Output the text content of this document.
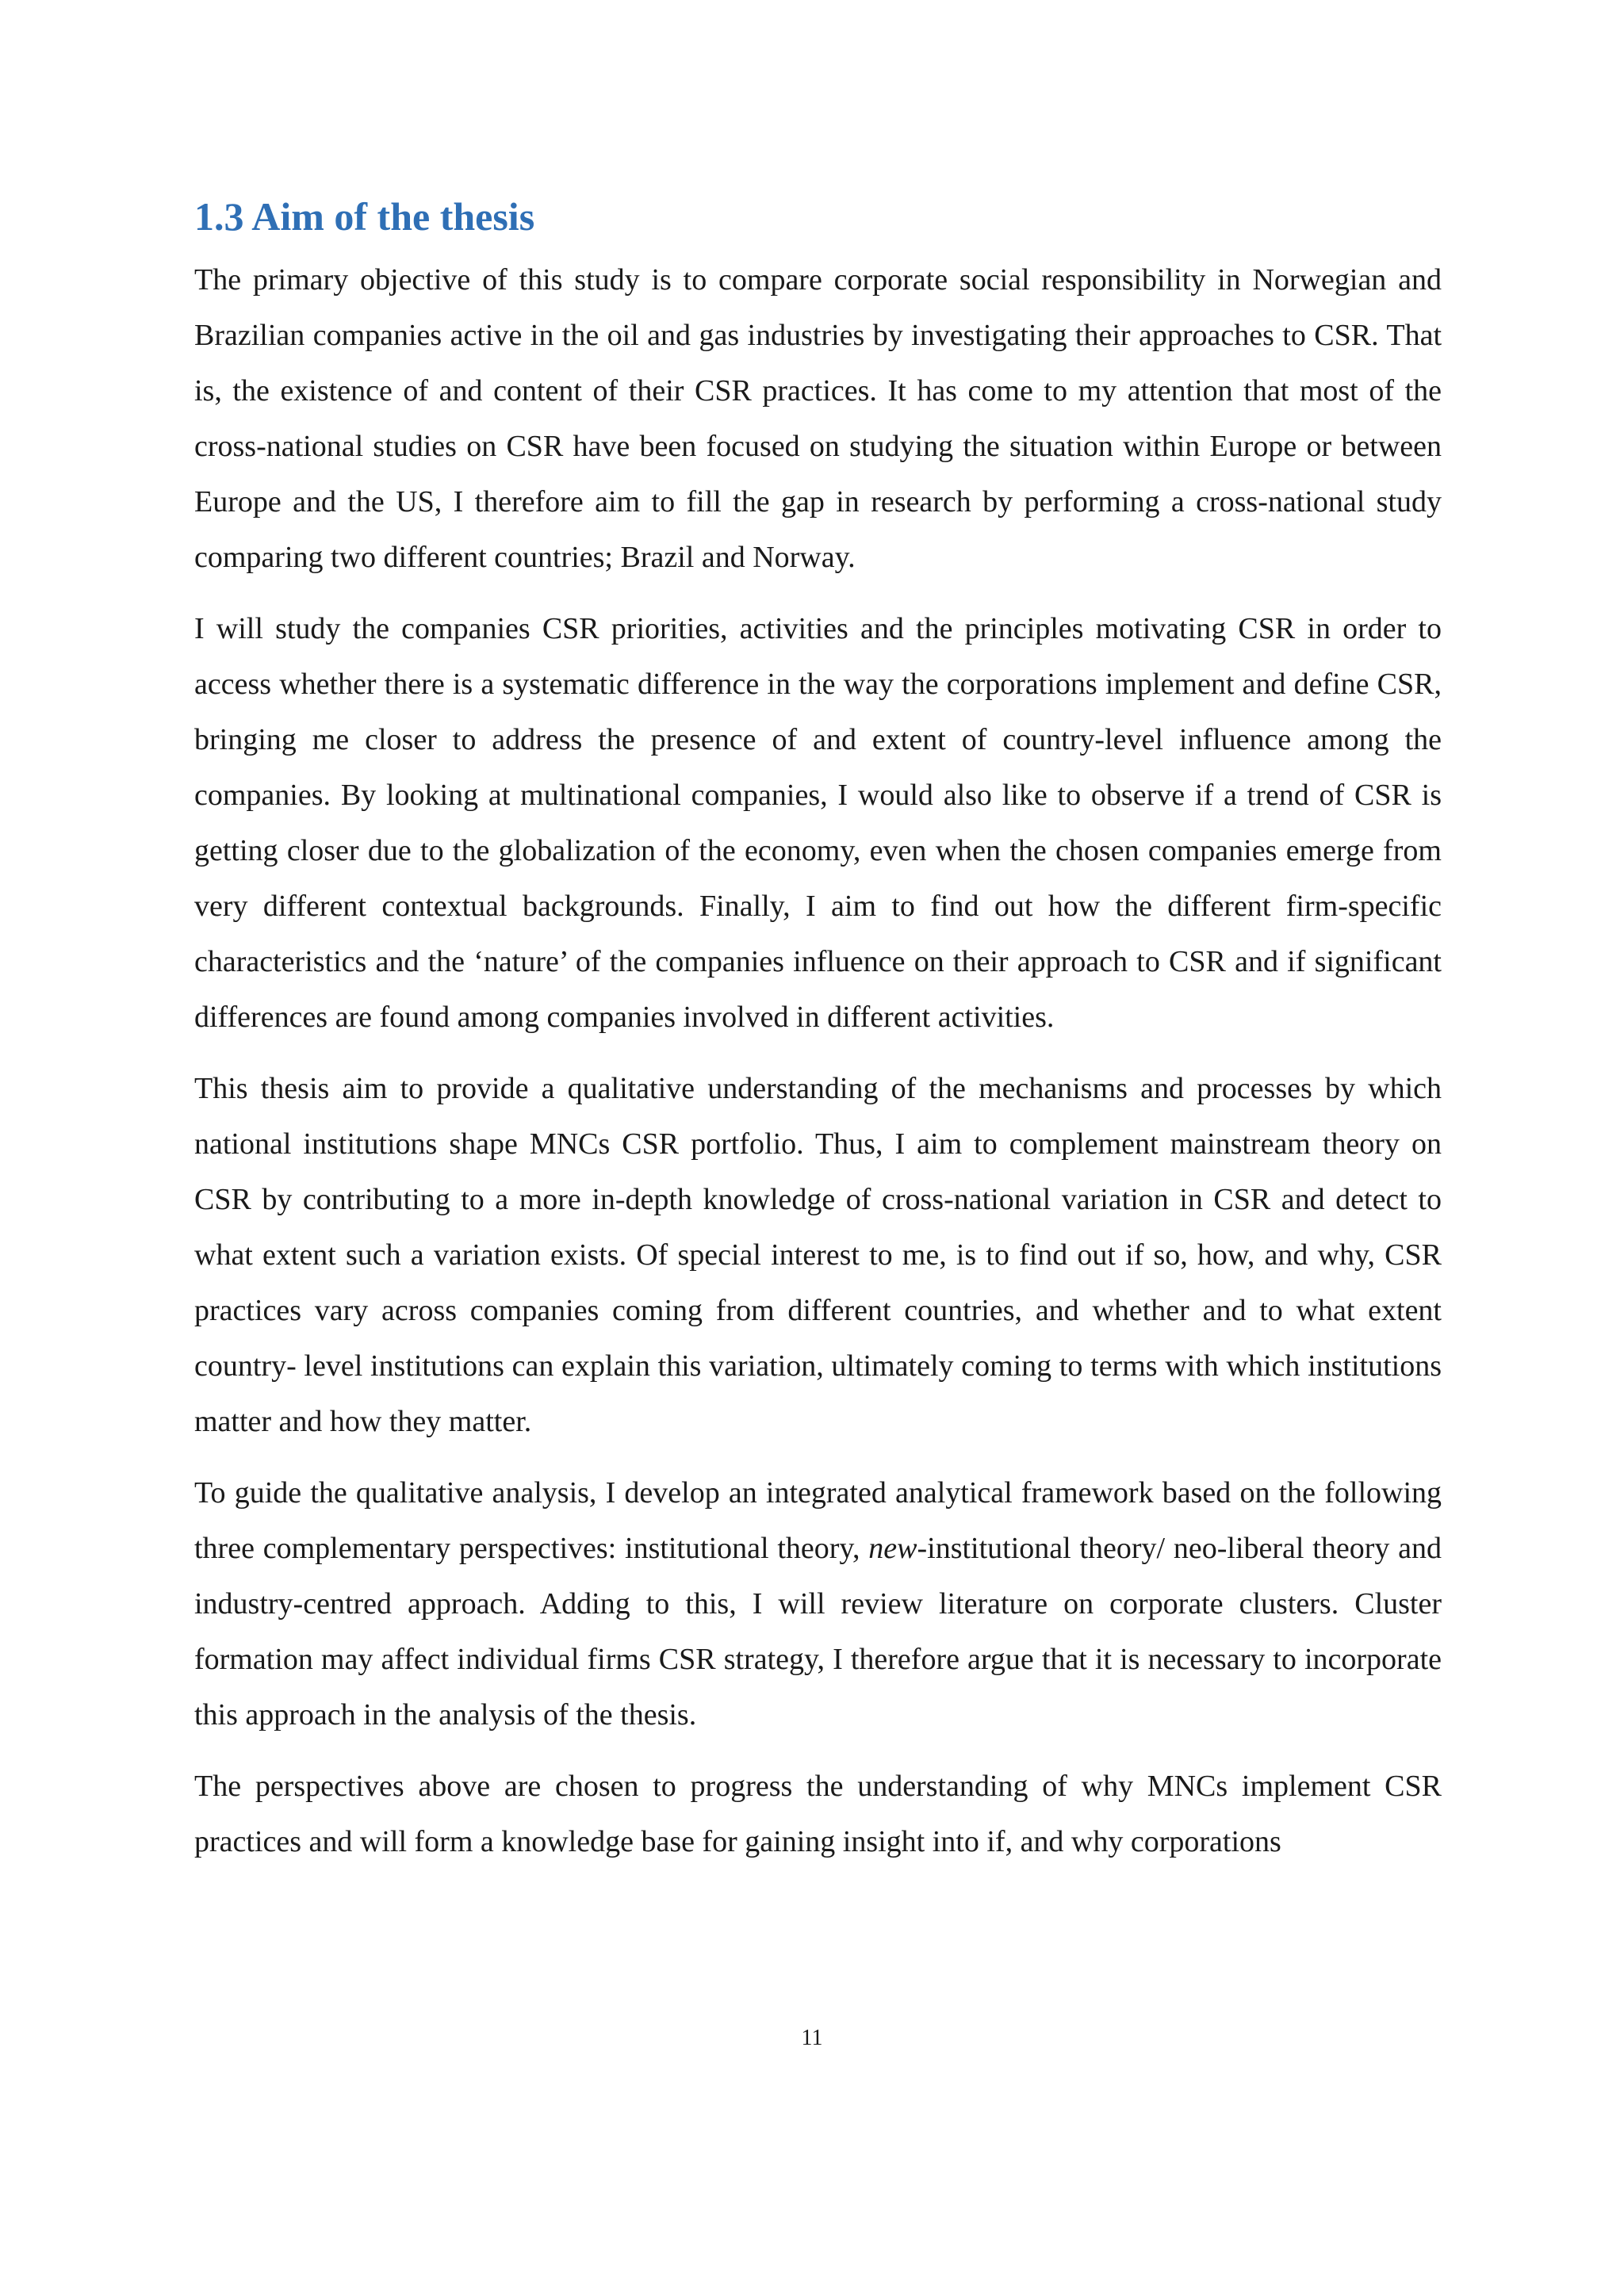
1.3 Aim of the thesis

The primary objective of this study is to compare corporate social responsibility in Norwegian and Brazilian companies active in the oil and gas industries by investigating their approaches to CSR. That is, the existence of and content of their CSR practices. It has come to my attention that most of the cross-national studies on CSR have been focused on studying the situation within Europe or between Europe and the US, I therefore aim to fill the gap in research by performing a cross-national study comparing two different countries; Brazil and Norway.

I will study the companies CSR priorities, activities and the principles motivating CSR in order to access whether there is a systematic difference in the way the corporations implement and define CSR, bringing me closer to address the presence of and extent of country-level influence among the companies. By looking at multinational companies, I would also like to observe if a trend of CSR is getting closer due to the globalization of the economy, even when the chosen companies emerge from very different contextual backgrounds. Finally, I aim to find out how the different firm-specific characteristics and the ‘nature’ of the companies influence on their approach to CSR and if significant differences are found among companies involved in different activities.

This thesis aim to provide a qualitative understanding of the mechanisms and processes by which national institutions shape MNCs CSR portfolio. Thus, I aim to complement mainstream theory on CSR by contributing to a more in-depth knowledge of cross-national variation in CSR and detect to what extent such a variation exists. Of special interest to me, is to find out if so, how, and why, CSR practices vary across companies coming from different countries, and whether and to what extent country- level institutions can explain this variation, ultimately coming to terms with which institutions matter and how they matter.

To guide the qualitative analysis, I develop an integrated analytical framework based on the following three complementary perspectives: institutional theory, new-institutional theory/ neo-liberal theory and industry-centred approach. Adding to this, I will review literature on corporate clusters. Cluster formation may affect individual firms CSR strategy, I therefore argue that it is necessary to incorporate this approach in the analysis of the thesis.

The perspectives above are chosen to progress the understanding of why MNCs implement CSR practices and will form a knowledge base for gaining insight into if, and why corporations

11
